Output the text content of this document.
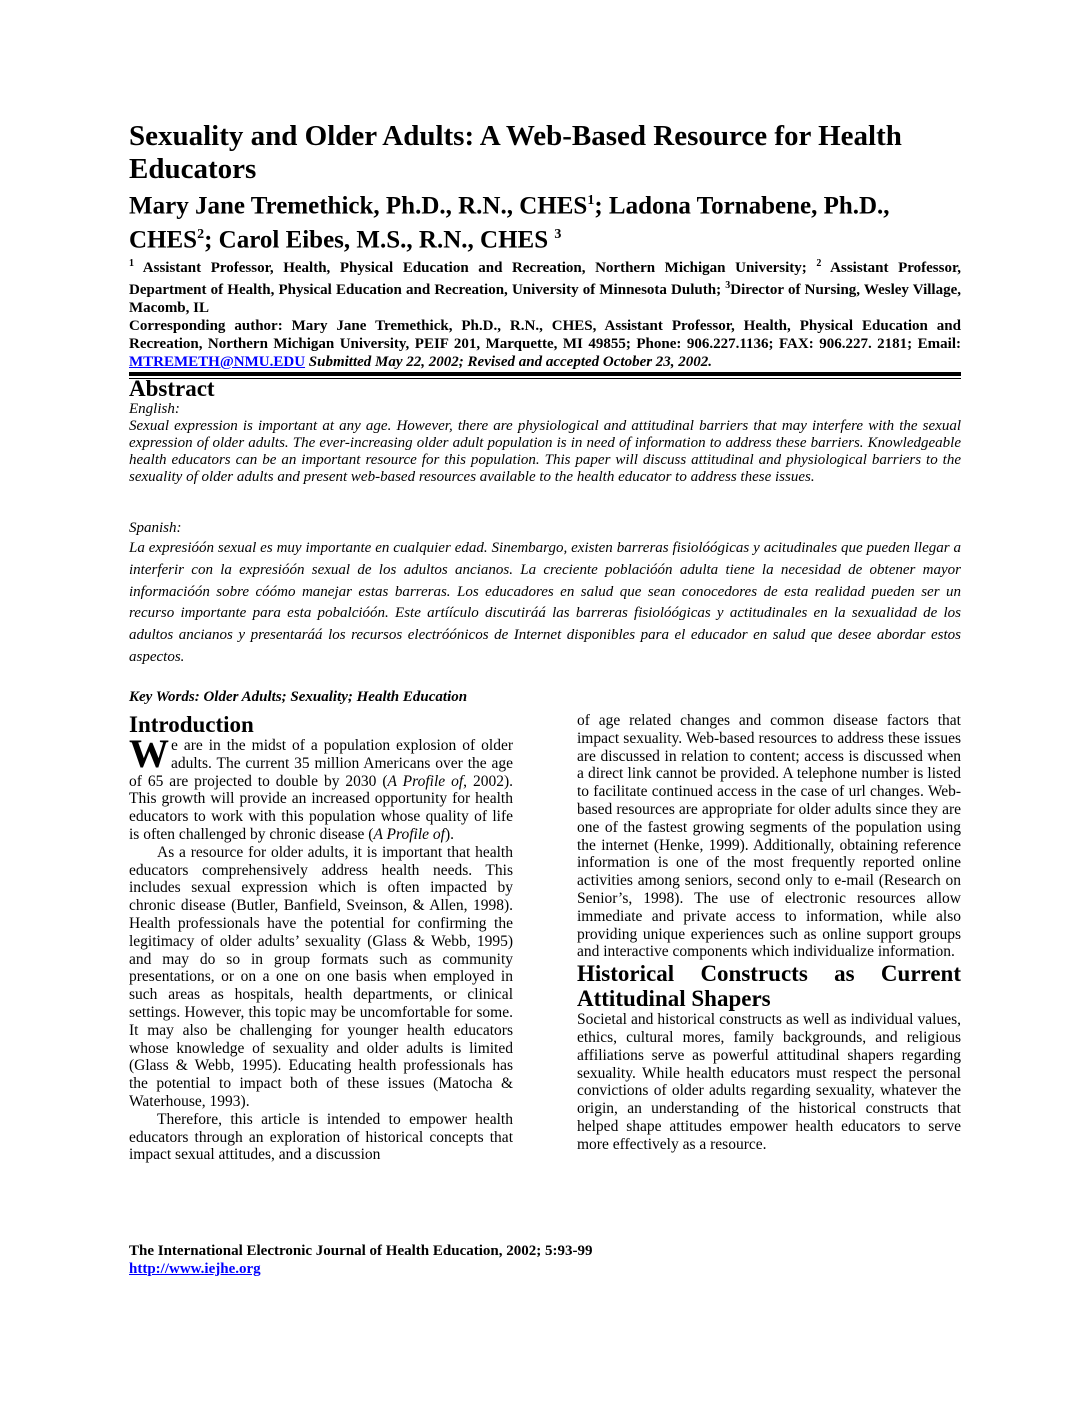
Sexuality and Older Adults: A Web-Based Resource for Health Educators

Mary Jane Tremethick, Ph.D., R.N., CHES$^1$; Ladona Tornabene, Ph.D., CHES$^2$; Carol Eibes, M.S., R.N., CHES $^3$

$^1$ Assistant Professor, Health, Physical Education and Recreation, Northern Michigan University; $^2$ Assistant Professor, Department of Health, Physical Education and Recreation, University of Minnesota Duluth; $^3$Director of Nursing, Wesley Village, Macomb, IL

Corresponding author: Mary Jane Tremethick, Ph.D., R.N., CHES, Assistant Professor, Health, Physical Education and Recreation, Northern Michigan University, PEIF 201, Marquette, MI 49855; Phone: 906.227.1136; FAX: 906.227. 2181; Email: MTREMETH@NMU.EDU Submitted May 22, 2002; Revised and accepted October 23, 2002.

Abstract
English:
Sexual expression is important at any age. However, there are physiological and attitudinal barriers that may interfere with the sexual expression of older adults. The ever-increasing older adult population is in need of information to address these barriers. Knowledgeable health educators can be an important resource for this population. This paper will discuss attitudinal and physiological barriers to the sexuality of older adults and present web-based resources available to the health educator to address these issues.
Spanish:
La expresióón sexual es muy importante en cualquier edad. Sinembargo, existen barreras fisiolóógicas y acitudinales que pueden llegar a interferir con la expresióón sexual de los adultos ancianos. La creciente poblacióón adulta tiene la necesidad de obtener mayor informacióón sobre cóómo manejar estas barreras. Los educadores en salud que sean conocedores de esta realidad pueden ser un recurso importante para esta pobalcióón. Este artíículo discutiráá las barreras fisiolóógicas y actitudinales en la sexualidad de los adultos ancianos y presentaráá los recursos electróónicos de Internet disponibles para el educador en salud que desee abordar estos aspectos.
Key Words: Older Adults; Sexuality; Health Education
Introduction

We are in the midst of a population explosion of older adults. The current 35 million Americans over the age of 65 are projected to double by 2030 (A Profile of, 2002). This growth will provide an increased opportunity for health educators to work with this population whose quality of life is often challenged by chronic disease (A Profile of).

As a resource for older adults, it is important that health educators comprehensively address health needs. This includes sexual expression which is often impacted by chronic disease (Butler, Banfield, Sveinson, & Allen, 1998). Health professionals have the potential for confirming the legitimacy of older adults’ sexuality (Glass & Webb, 1995) and may do so in group formats such as community presentations, or on a one on one basis when employed in such areas as hospitals, health departments, or clinical settings. However, this topic may be uncomfortable for some. It may also be challenging for younger health educators whose knowledge of sexuality and older adults is limited (Glass & Webb, 1995). Educating health professionals has the potential to impact both of these issues (Matocha & Waterhouse, 1993).

Therefore, this article is intended to empower health educators through an exploration of historical concepts that impact sexual attitudes, and a discussion

of age related changes and common disease factors that impact sexuality. Web-based resources to address these issues are discussed in relation to content; access is discussed when a direct link cannot be provided. A telephone number is listed to facilitate continued access in the case of url changes. Web-based resources are appropriate for older adults since they are one of the fastest growing segments of the population using the internet (Henke, 1999). Additionally, obtaining reference information is one of the most frequently reported online activities among seniors, second only to e-mail (Research on Senior’s, 1998). The use of electronic resources allow immediate and private access to information, while also providing unique experiences such as online support groups and interactive components which individualize information.

Historical Constructs as Current
Attitudinal Shapers

Societal and historical constructs as well as individual values, ethics, cultural mores, family backgrounds, and religious affiliations serve as powerful attitudinal shapers regarding sexuality. While health educators must respect the personal convictions of older adults regarding sexuality, whatever the origin, an understanding of the historical constructs that helped shape attitudes empower health educators to serve more effectively as a resource.

The International Electronic Journal of Health Education, 2002; 5:93-99
http://www.iejhe.org
